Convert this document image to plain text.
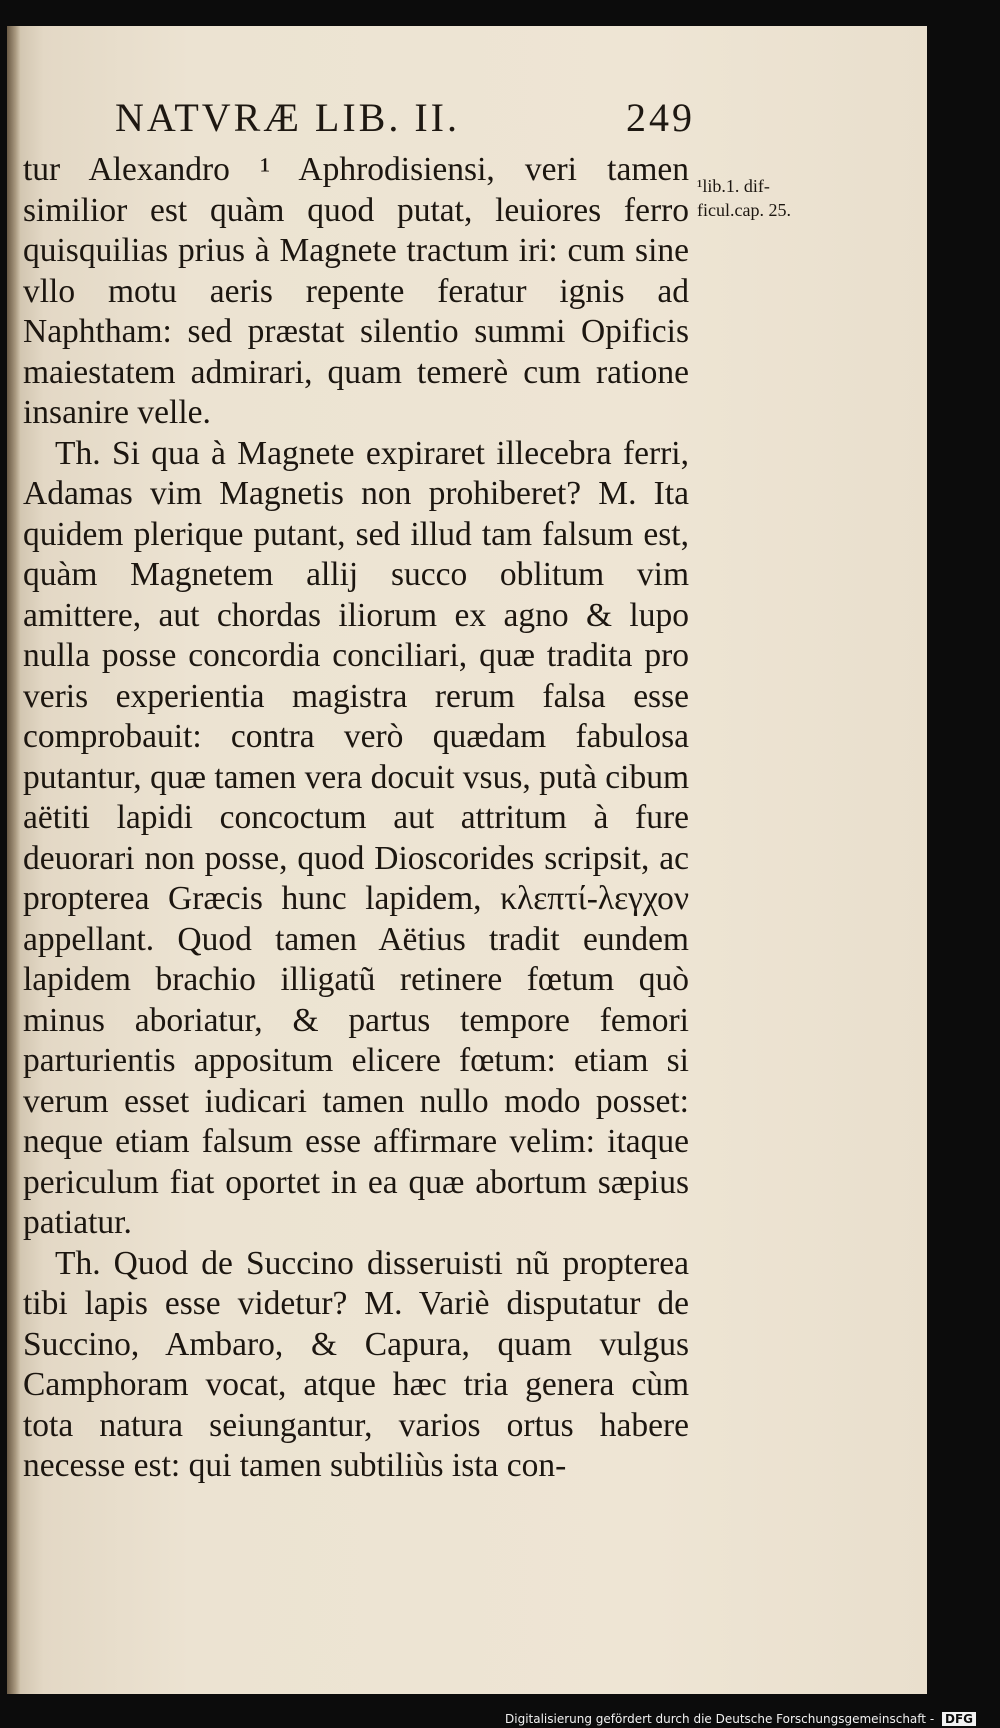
NATVRÆ LIB. II.	249

tur Alexandro ¹ Aphrodisiensi, veri tamen similior est quàm quod putat, leuiores ferro quisquilias prius à Magnete tractum iri: cum sine vllo motu aeris repente feratur ignis ad Naphtham: sed præstat silentio summi Opificis maiestatem admirari, quam temerè cum ratione insanire velle.

Th. Si qua à Magnete expiraret illecebra ferri, Adamas vim Magnetis non prohiberet? M. Ita quidem plerique putant, sed illud tam falsum est, quàm Magnetem allij succo oblitum vim amittere, aut chordas iliorum ex agno & lupo nulla posse concordia conciliari, quæ tradita pro veris experientia magistra rerum falsa esse comprobauit: contra verò quædam fabulosa putantur, quæ tamen vera docuit vsus, putà cibum aëtiti lapidi concoctum aut attritum à fure deuorari non posse, quod Dioscorides scripsit, ac propterea Græcis hunc lapidem, κλεπτί-λεγχον appellant. Quod tamen Aëtius tradit eundem lapidem brachio illigatũ retinere fœtum quò minus aboriatur, & partus tempore femori parturientis appositum elicere fœtum: etiam si verum esset iudicari tamen nullo modo posset: neque etiam falsum esse affirmare velim: itaque periculum fiat oportet in ea quæ abortum sæpius patiatur.

Th. Quod de Succino disseruisti nũ propterea tibi lapis esse videtur? M. Variè disputatur de Succino, Ambaro, & Capura, quam vulgus Camphoram vocat, atque hæc tria genera cùm tota natura seiungantur, varios ortus habere necesse est: qui tamen subtiliùs ista con-

¹lib.1. dif-ficul.cap. 25.
Digitalisierung gefördert durch die Deutsche Forschungsgemeinschaft - DFG
